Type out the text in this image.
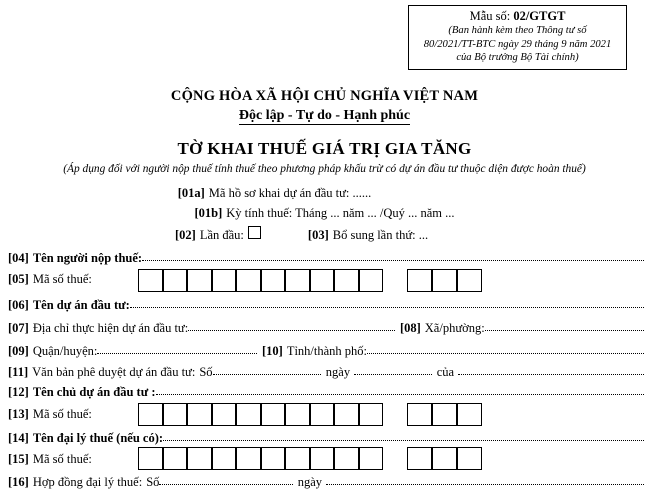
Mẫu số: 02/GTGT
(Ban hành kèm theo Thông tư số
80/2021/TT-BTC ngày 29 tháng 9 năm 2021
của Bộ trưởng Bộ Tài chính)
CỘNG HÒA XÃ HỘI CHỦ NGHĨA VIỆT NAM
Độc lập - Tự do - Hạnh phúc
TỜ KHAI THUẾ GIÁ TRỊ GIA TĂNG
(Áp dụng đối với người nộp thuế tính thuế theo phương pháp khấu trừ có dự án đầu tư thuộc diện được hoàn thuế)
[01a] Mã hồ sơ khai dự án đầu tư: ......
[01b] Kỳ tính thuế: Tháng ... năm ... /Quý ... năm ...
[02] Lần đầu:	[03] Bổ sung lần thứ: ...
[04] Tên người nộp thuế:
[05] Mã số thuế:
[06] Tên dự án đầu tư:
[07] Địa chỉ thực hiện dự án đầu tư:	[08] Xã/phường:
[09] Quận/huyện:	[10] Tỉnh/thành phố:
[11] Văn bản phê duyệt dự án đầu tư: Số	ngày	của
[12] Tên chủ dự án đầu tư :
[13] Mã số thuế:
[14] Tên đại lý thuế (nếu có):
[15] Mã số thuế:
[16] Hợp đồng đại lý thuế: Số	ngày
